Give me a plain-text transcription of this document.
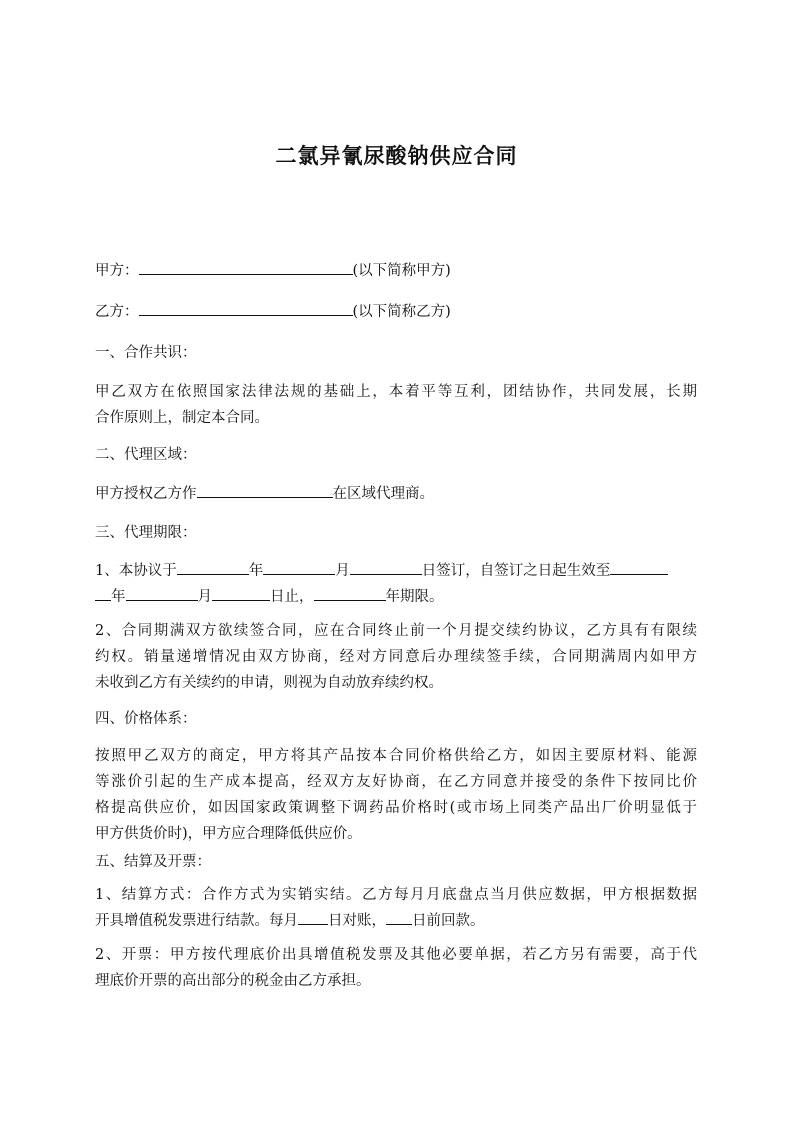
二氯异氰尿酸钠供应合同
甲方：	(以下简称甲方)
乙方：	(以下简称乙方)
一、合作共识：
甲乙双方在依照国家法律法规的基础上，本着平等互利，团结协作，共同发展，长期
合作原则上，制定本合同。
二、代理区域：
甲方授权乙方作	在区域代理商。
三、代理期限：
1、本协议于	年	月	日签订，自签订之日起生效至
年	月	日止，	年期限。
2、合同期满双方欲续签合同，应在合同终止前一个月提交续约协议，乙方具有有限续
约权。销量递增情况由双方协商，经对方同意后办理续签手续，合同期满周内如甲方
未收到乙方有关续约的申请，则视为自动放弃续约权。
四、价格体系：
按照甲乙双方的商定，甲方将其产品按本合同价格供给乙方，如因主要原材料、能源
等涨价引起的生产成本提高，经双方友好协商，在乙方同意并接受的条件下按同比价
格提高供应价，如因国家政策调整下调药品价格时(或市场上同类产品出厂价明显低于
甲方供货价时)，甲方应合理降低供应价。
五、结算及开票：
1、结算方式：合作方式为实销实结。乙方每月月底盘点当月供应数据，甲方根据数据
开具增值税发票进行结款。每月 日对账， 日前回款。
2、开票：甲方按代理底价出具增值税发票及其他必要单据，若乙方另有需要，高于代
理底价开票的高出部分的税金由乙方承担。
